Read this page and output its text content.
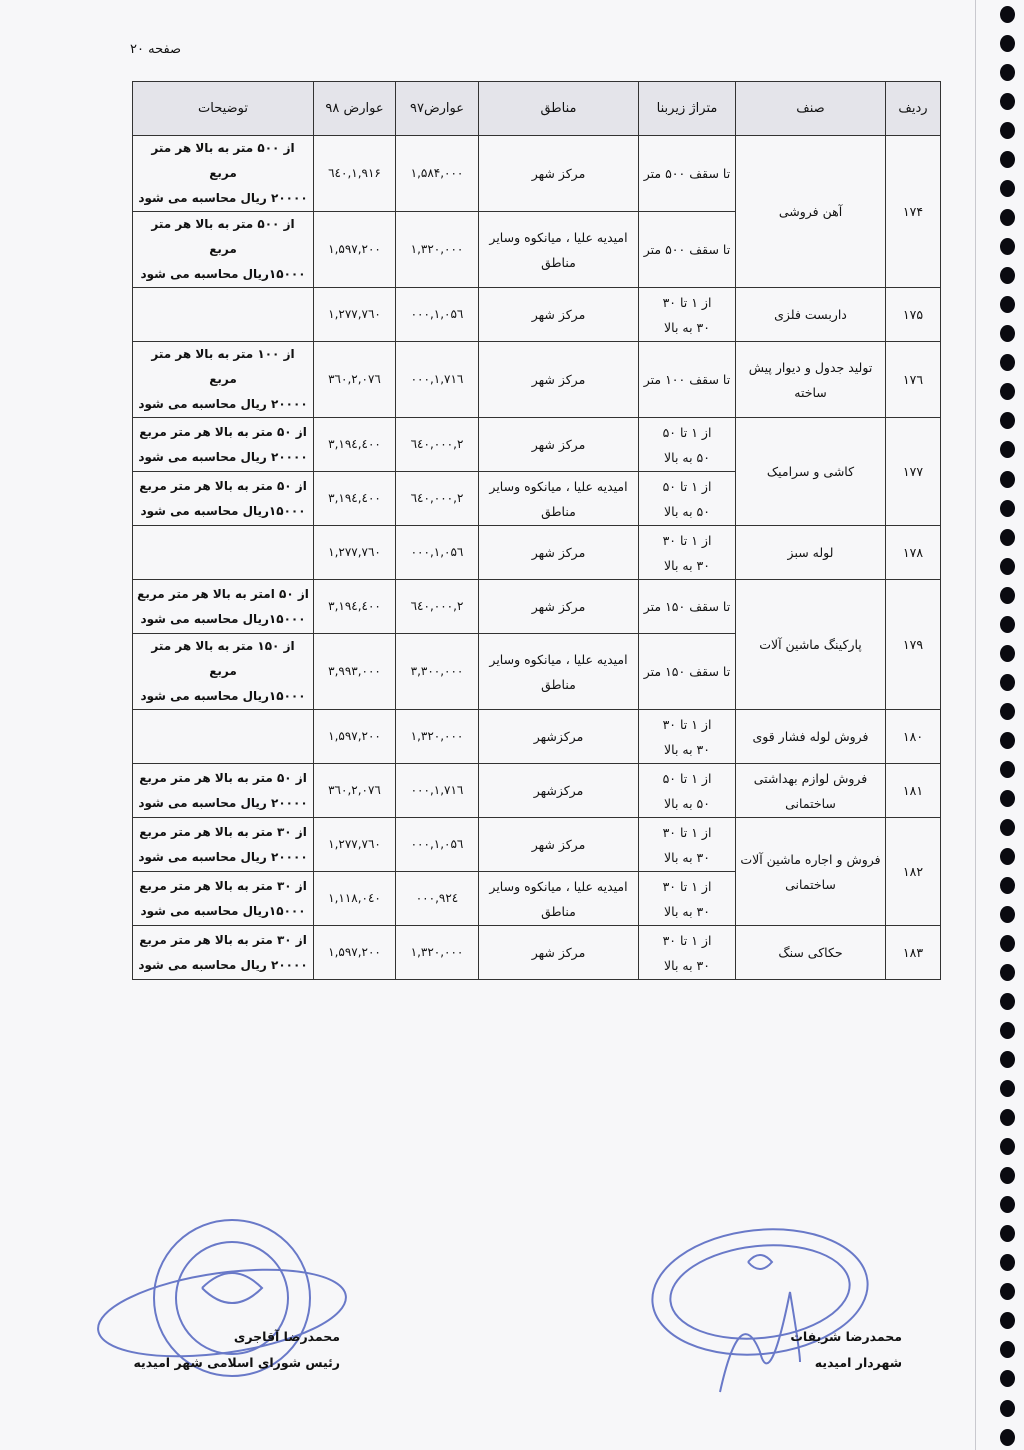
صفحه ۲۰
ردیف	صنف	متراژ زیربنا	مناطق	عوارض۹۷	عوارض ۹۸	توضیحات
۱۷۴	آهن فروشی	تا سقف ۵۰۰ متر	مرکز شهر	۱,۵۸۴,۰۰۰	۱,۹۱۶,٦٤۰	از ۵۰۰ متر به بالا هر متر مربع
۲۰۰۰۰ ریال محاسبه می شود

		تا سقف ۵۰۰ متر	امیدیه علیا ، میانکوه وسایر
مناطق	۱,۳۲۰,۰۰۰	۱,۵۹۷,۲۰۰	از ۵۰۰ متر به بالا هر متر مربع
۱۵۰۰۰ریال محاسبه می شود

۱۷۵	داربست فلزی	از ۱ تا ۳۰
۳۰ به بالا	مرکز شهر	۱,۰۵٦,۰۰۰	۱,۲۷۷,۷٦۰	
۱۷٦	تولید جدول و دیوار پیش ساخته	تا سقف ۱۰۰ متر	مرکز شهر	۱,۷۱٦,۰۰۰	۲,۰۷٦,۳٦۰	از ۱۰۰ متر به بالا هر متر مربع
۲۰۰۰۰ ریال محاسبه می شود

۱۷۷	کاشی و سرامیک	از ۱ تا ۵۰
۵۰ به بالا	مرکز شهر	۲,٦٤۰,۰۰۰	۳,۱۹٤,٤۰۰	از ۵۰ متر به بالا هر متر مربع
۲۰۰۰۰ ریال محاسبه می شود

		از ۱ تا ۵۰
۵۰ به بالا	امیدیه علیا ، میانکوه وسایر
مناطق	۲,٦٤۰,۰۰۰	۳,۱۹٤,٤۰۰	از ۵۰ متر به بالا هر متر مربع
۱۵۰۰۰ریال محاسبه می شود

۱۷۸	لوله سبز	از ۱ تا ۳۰
۳۰ به بالا	مرکز شهر	۱,۰۵٦,۰۰۰	۱,۲۷۷,۷٦۰	
۱۷۹	پارکینگ ماشین آلات	تا سقف ۱۵۰ متر	مرکز شهر	۲,٦٤۰,۰۰۰	۳,۱۹٤,٤۰۰	از ۵۰ امتر به بالا هر متر مربع
۱۵۰۰۰ریال محاسبه می شود

		تا سقف ۱۵۰ متر	امیدیه علیا ، میانکوه وسایر
مناطق	۳,۳۰۰,۰۰۰	۳,۹۹۳,۰۰۰	از ۱۵۰ متر به بالا هر متر مربع
۱۵۰۰۰ریال محاسبه می شود

۱۸۰	فروش لوله فشار قوی	از ۱ تا ۳۰
۳۰ به بالا	مرکزشهر	۱,۳۲۰,۰۰۰	۱,۵۹۷,۲۰۰	
۱۸۱	فروش لوازم بهداشتی ساختمانی	از ۱ تا ۵۰
۵۰ به بالا	مرکزشهر	۱,۷۱٦,۰۰۰	۲,۰۷٦,۳٦۰	از ۵۰ متر به بالا هر متر مربع
۲۰۰۰۰ ریال محاسبه می شود

۱۸۲	فروش و اجاره ماشین آلات ساختمانی	از ۱ تا ۳۰
۳۰ به بالا	مرکز شهر	۱,۰۵٦,۰۰۰	۱,۲۷۷,۷٦۰	از ۳۰ متر به بالا هر متر مربع
۲۰۰۰۰ ریال محاسبه می شود

		از ۱ تا ۳۰
۳۰ به بالا	امیدیه علیا ، میانکوه وسایر
مناطق	۹۲٤,۰۰۰	۱,۱۱۸,۰٤۰	از ۳۰ متر به بالا هر متر مربع
۱۵۰۰۰ریال محاسبه می شود

۱۸۳	حکاکی سنگ	از ۱ تا ۳۰
۳۰ به بالا	مرکز شهر	۱,۳۲۰,۰۰۰	۱,۵۹۷,۲۰۰	از ۳۰ متر به بالا هر متر مربع
۲۰۰۰۰ ریال محاسبه می شود
محمدرضا آقاجری
رئیس شورای اسلامی شهر امیدیه
محمدرضا شریفات
شهردار امیدیه
